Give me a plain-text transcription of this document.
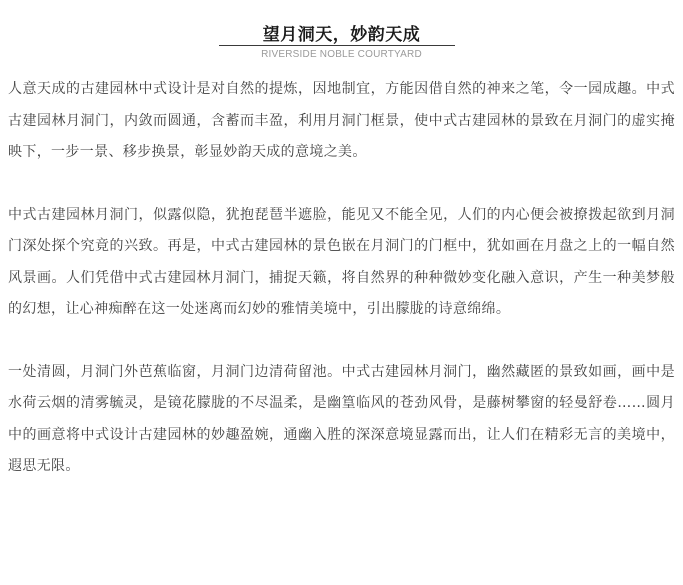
望月洞天，妙韵天成
RIVERSIDE NOBLE COURTYARD

人意天成的古建园林中式设计是对自然的提炼，因地制宜，方能因借自然的神来之笔，令一园成趣。中式古建园林月洞门，内敛而圆通，含蓄而丰盈，利用月洞门框景，使中式古建园林的景致在月洞门的虚实掩映下，一步一景、移步换景，彰显妙韵天成的意境之美。

中式古建园林月洞门，似露似隐，犹抱琵琶半遮脸，能见又不能全见，人们的内心便会被撩拨起欲到月洞门深处探个究竟的兴致。再是，中式古建园林的景色嵌在月洞门的门框中，犹如画在月盘之上的一幅自然风景画。人们凭借中式古建园林月洞门，捕捉天籁，将自然界的种种微妙变化融入意识，产生一种美梦般的幻想，让心神痴醉在这一处迷离而幻妙的雅情美境中，引出朦胧的诗意绵绵。

一处清圆，月洞门外芭蕉临窗，月洞门边清荷留池。中式古建园林月洞门，幽然藏匿的景致如画，画中是水荷云烟的清雾毓灵，是镜花朦胧的不尽温柔，是幽篁临风的苍劲风骨，是藤树攀窗的轻曼舒卷……圆月中的画意将中式设计古建园林的妙趣盈婉，通幽入胜的深深意境显露而出，让人们在精彩无言的美境中，遐思无限。
